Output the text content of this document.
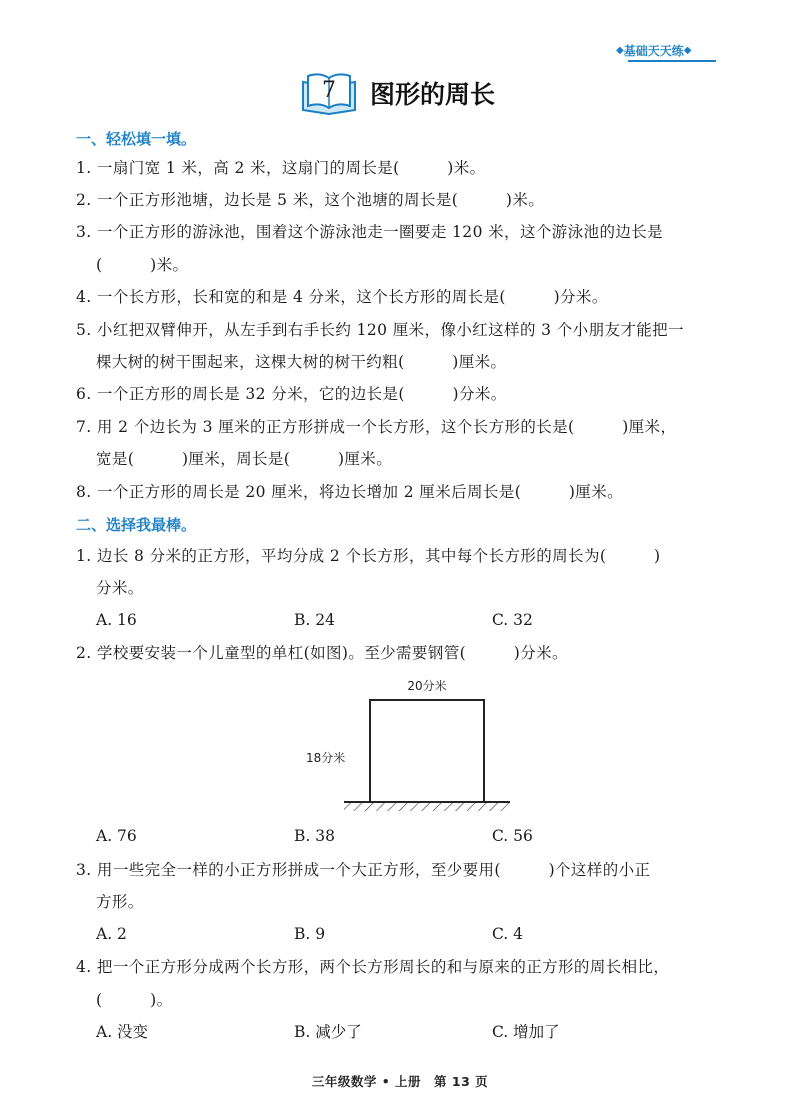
◆ 基础天天练 ◆
7 图形的周长
一、轻松填一填。
1. 一扇门宽 1 米，高 2 米，这扇门的周长是(　　　)米。
2. 一个正方形池塘，边长是 5 米，这个池塘的周长是(　　　)米。
3. 一个正方形的游泳池，围着这个游泳池走一圈要走 120 米，这个游泳池的边长是
(　　　)米。
4. 一个长方形，长和宽的和是 4 分米，这个长方形的周长是(　　　)分米。
5. 小红把双臂伸开，从左手到右手长约 120 厘米，像小红这样的 3 个小朋友才能把一
棵大树的树干围起来，这棵大树的树干约粗(　　　)厘米。
6. 一个正方形的周长是 32 分米，它的边长是(　　　)分米。
7. 用 2 个边长为 3 厘米的正方形拼成一个长方形，这个长方形的长是(　　　)厘米，
宽是(　　　)厘米，周长是(　　　)厘米。
8. 一个正方形的周长是 20 厘米，将边长增加 2 厘米后周长是(　　　)厘米。
二、选择我最棒。
1. 边长 8 分米的正方形，平均分成 2 个长方形，其中每个长方形的周长为(　　　)
分米。
A. 16	B. 24	C. 32
2. 学校要安装一个儿童型的单杠(如图)。至少需要钢管(　　　)分米。
20分米
18分米
A. 76	B. 38	C. 56
3. 用一些完全一样的小正方形拼成一个大正方形，至少要用(　　　)个这样的小正
方形。
A. 2	B. 9	C. 4
4. 把一个正方形分成两个长方形，两个长方形周长的和与原来的正方形的周长相比，
(　　　)。
A. 没变	B. 减少了	C. 增加了
三年级数学 • 上册　第 13 页
